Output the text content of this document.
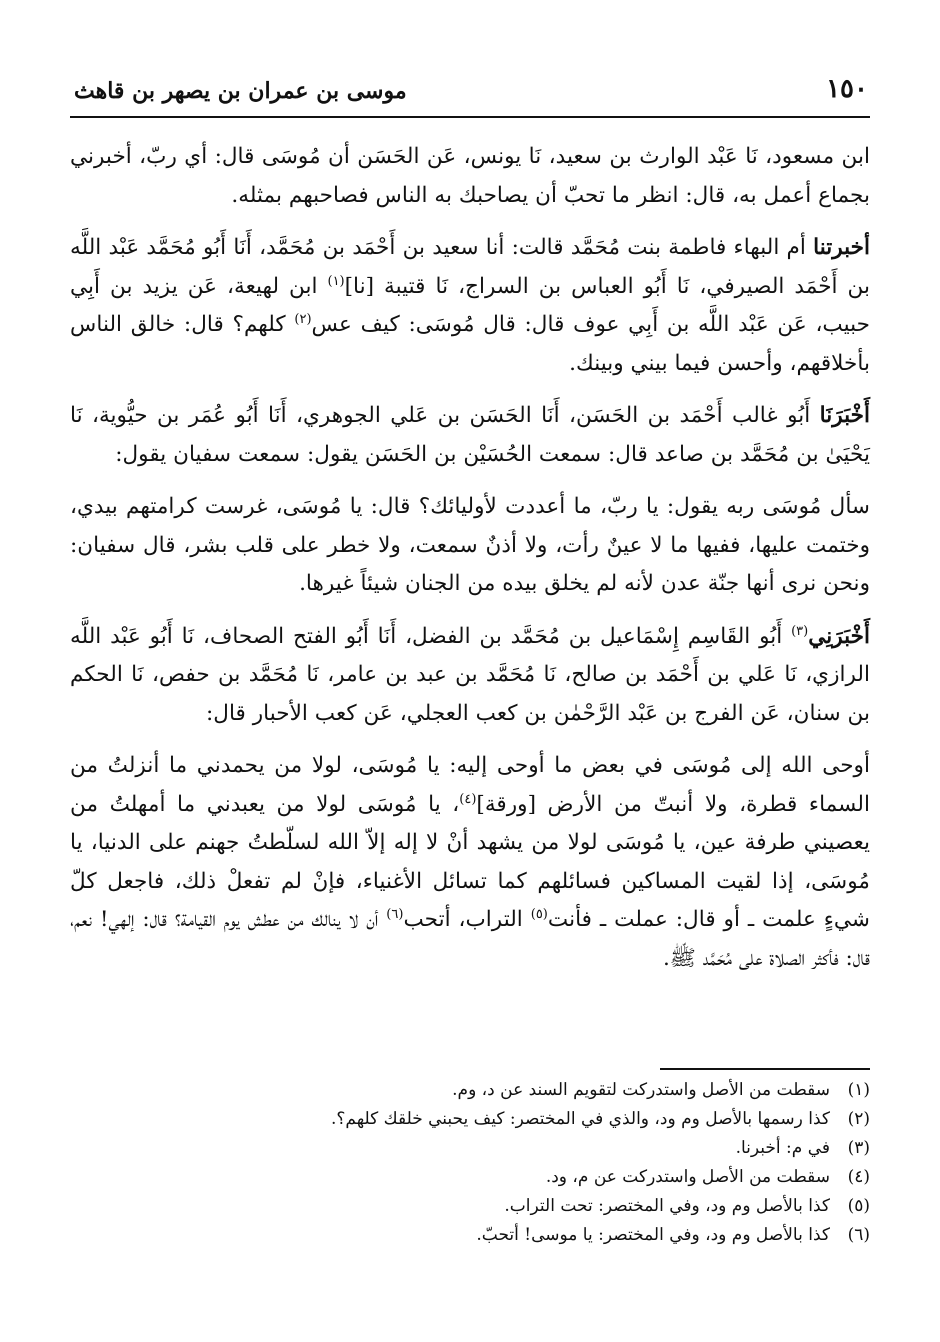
١٥٠
موسى بن عمران بن يصهر بن قاهث

ابن مسعود، نَا عَبْد الوارث بن سعيد، نَا يونس، عَن الحَسَن أن مُوسَى قال: أي ربّ، أخبرني بجماع أعمل به، قال: انظر ما تحبّ أن يصاحبك به الناس فصاحبهم بمثله.

أخبرتنا أم البهاء فاطمة بنت مُحَمَّد قالت: أنا سعيد بن أَحْمَد بن مُحَمَّد، أَنَا أَبُو مُحَمَّد عَبْد اللَّه بن أَحْمَد الصيرفي، نَا أَبُو العباس بن السراج، نَا قتيبة [نا]$^{(١)}$ ابن لهيعة، عَن يزيد بن أَبِي حبيب، عَن عَبْد اللَّه بن أَبِي عوف قال: قال مُوسَى: كيف عس$^{(٢)}$ كلهم؟ قال: خالق الناس بأخلاقهم، وأحسن فيما بيني وبينك.

أَخْبَرَنَا أَبُو غالب أَحْمَد بن الحَسَن، أَنَا الحَسَن بن عَلي الجوهري، أَنَا أَبُو عُمَر بن حيُّوية، نَا يَحْيَىٰ بن مُحَمَّد بن صاعد قال: سمعت الحُسَيْن بن الحَسَن يقول: سمعت سفيان يقول:

سأل مُوسَى ربه يقول: يا ربّ، ما أعددت لأوليائك؟ قال: يا مُوسَى، غرست كرامتهم بيدي، وختمت عليها، ففيها ما لا عينٌ رأت، ولا أذنٌ سمعت، ولا خطر على قلب بشر، قال سفيان: ونحن نرى أنها جنّة عدن لأنه لم يخلق بيده من الجنان شيئاً غيرها.

أَخْبَرَنِي$^{(٣)}$ أَبُو القَاسِم إِسْمَاعيل بن مُحَمَّد بن الفضل، أَنَا أَبُو الفتح الصحاف، نَا أَبُو عَبْد اللَّه الرازي، نَا عَلي بن أَحْمَد بن صالح، نَا مُحَمَّد بن عبد بن عامر، نَا مُحَمَّد بن حفص، نَا الحكم بن سنان، عَن الفرج بن عَبْد الرَّحْمٰن بن كعب العجلي، عَن كعب الأحبار قال:

أوحى الله إلى مُوسَى في بعض ما أوحى إليه: يا مُوسَى، لولا من يحمدني ما أنزلتُ من السماء قطرة، ولا أنبتّ من الأرض [ورقة]$^{(٤)}$، يا مُوسَى لولا من يعبدني ما أمهلتُ من يعصيني طرفة عين، يا مُوسَى لولا من يشهد أنْ لا إله إلاّ الله لسلّطتُ جهنم على الدنيا، يا مُوسَى، إذا لقيت المساكين فسائلهم كما تسائل الأغنياء، فإنْ لم تفعلْ ذلك، فاجعل كلّ شيءٍ علمت ـ أو قال: عملت ـ فأنت$^{(٥)}$ التراب، أتحب$^{(٦)}$ أن لا ينالك من عطش يوم القيامة؟ قال: إلهي! نعم، قال: فأكثر الصلاة على مُحَمَّد ﷺ.

(١)سقطت من الأصل واستدركت لتقويم السند عن د، وم.

(٢)كذا رسمها بالأصل وم ود، والذي في المختصر: كيف يحبني خلقك كلهم؟.

(٣)في م: أخبرنا.

(٤)سقطت من الأصل واستدركت عن م، ود.

(٥)كذا بالأصل وم ود، وفي المختصر: تحت التراب.

(٦)كذا بالأصل وم ود، وفي المختصر: يا موسى! أتحبّ.
